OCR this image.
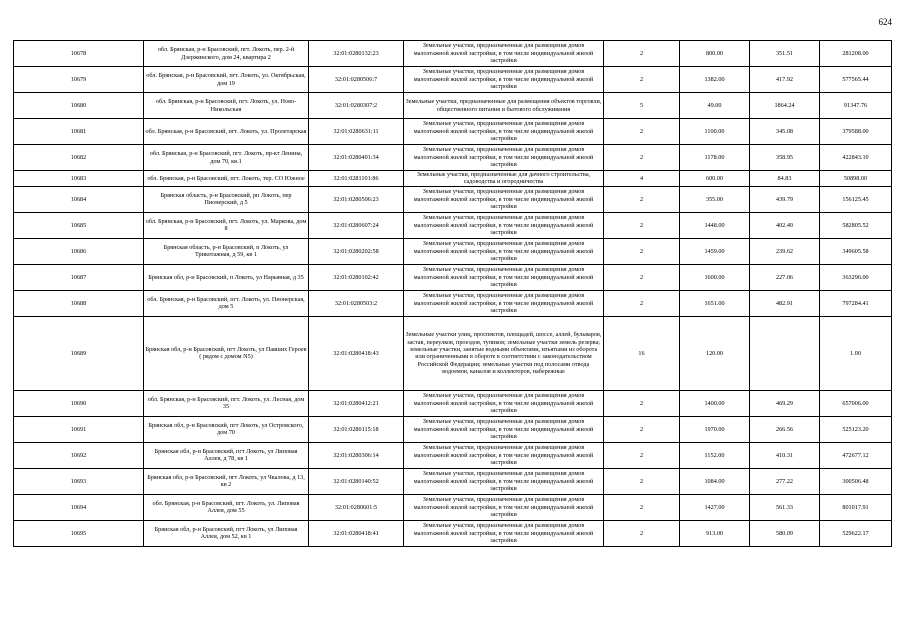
624
10678	обл. Брянская, р-н Брасовский, пгт. Локоть, пер. 2-й Дзержинского, дом 24, квартира 2	32:01:0280132:23	Земельные участки, предназначенные для размещения домов малоэтажной жилой застройки, в том числе индивидуальной жилой застройки	2	800.00	351.51	281208.00
10679	обл. Брянская, р-н Брасовский, пгт. Локоть, ул. Октябрьская, дом 19	32:01:0280506:7	Земельные участки, предназначенные для размещения домов малоэтажной жилой застройки, в том числе индивидуальной жилой застройки	2	1382.00	417.92	577565.44
10680	обл. Брянская, р-н Брасовский, пгт. Локоть, ул. Ново-Никольская	32:01:0280307:2	Земельные участки, предназначенные для размещения объектов торговли, общественного питания и бытового обслуживания	5	49.00	1864.24	91347.76
10681	обл. Брянская, р-н Брасовский, пгт. Локоть, ул. Пролетарская	32:01:0280631:11	Земельные участки, предназначенные для размещения домов малоэтажной жилой застройки, в том числе индивидуальной жилой застройки	2	1100.00	345.08	379588.00
10682	обл. Брянская, р-н Брасовский, пгт. Локоть, пр-кт Ленина, дом 70, кв.1	32:01:0280401:34	Земельные участки, предназначенные для размещения домов малоэтажной жилой застройки, в том числе индивидуальной жилой застройки	2	1178.00	358.95	422843.10
10683	обл. Брянская, р-н Брасовский, пгт. Локоть, тер. СО Южное	32:01:0281101:86	Земельные участки, предназначенные для дачного строительства, садоводства и огородничества	4	600.00	84.83	50898.00
10684	Брянская область, р-н Брасовский, рп Локоть, пер Пионерский, д 5	32:01:0280506:23	Земельные участки, предназначенные для размещения домов малоэтажной жилой застройки, в том числе индивидуальной жилой застройки	2	355.00	439.79	156125.45
10685	обл. Брянская, р-н Брасовский, пгт. Локоть, ул. Маркова, дом 8	32:01:0280607:24	Земельные участки, предназначенные для размещения домов малоэтажной жилой застройки, в том числе индивидуальной жилой застройки	2	1448.00	402.49	582805.52
10686	Брянская область, р-н Брасовский, п Локоть, ул Трикотажная, д 59, кв 1	32:01:0280202:58	Земельные участки, предназначенные для размещения домов малоэтажной жилой застройки, в том числе индивидуальной жилой застройки	2	1459.00	239.62	349605.58
10687	Брянская обл, р-н Брасовский, п Локоть, ул Нарывная, д 35	32:01:0280102:42	Земельные участки, предназначенные для размещения домов малоэтажной жилой застройки, в том числе индивидуальной жилой застройки	2	1600.00	227.06	363296.00
10688	обл. Брянская, р-н Брасовский, пгт. Локоть, ул. Пионерская, дом 5	32:01:0280503:2	Земельные участки, предназначенные для размещения домов малоэтажной жилой застройки, в том числе индивидуальной жилой застройки	2	1651.00	482.91	797284.41
10689	Брянская обл, р-н Брасовский, пгт Локоть, ул Павших Героев ( рядом с домом N5)	32:01:0280418:43	Земельные участки улиц, проспектов, площадей, шоссе, аллей, бульваров, застав, переулков, проездов, тупиков; земельные участки земель резерва; земельные участки, занятые водными объектами, изъятыми из оборота или ограниченными в обороте в соответствии с законодательством Российской Федерации; земельные участки под полосами отвода водоемов, каналов и коллекторов, набережные	16	120.00		1.00
10690	обл. Брянская, р-н Брасовский, пгт. Локоть, ул. Лесная, дом 35	32:01:0280412:21	Земельные участки, предназначенные для размещения домов малоэтажной жилой застройки, в том числе индивидуальной жилой застройки	2	1400.00	469.29	657006.00
10691	Брянская обл, р-н Брасовский, пгт Локоть, ул Островского, дом 70	32:01:0280115:18	Земельные участки, предназначенные для размещения домов малоэтажной жилой застройки, в том числе индивидуальной жилой застройки	2	1970.00	266.56	525123.20
10692	Брянская обл, р-н Брасовский, пгт Локоть, ул Липовая Аллея, д 78, кв 1	32:01:0280306:14	Земельные участки, предназначенные для размещения домов малоэтажной жилой застройки, в том числе индивидуальной жилой застройки	2	1152.00	410.31	472677.12
10693	Брянская обл, р-н Брасовский, пгт Локоть, ул Чкалова, д 13, кв 2	32:01:0280140:52	Земельные участки, предназначенные для размещения домов малоэтажной жилой застройки, в том числе индивидуальной жилой застройки	2	1084.00	277.22	300506.48
10694	обл. Брянская, р-н Брасовский, пгт. Локоть, ул. Липовая Аллея, дом 55	32:01:0280601:5	Земельные участки, предназначенные для размещения домов малоэтажной жилой застройки, в том числе индивидуальной жилой застройки	2	1427.00	561.33	801017.91
10695	Брянская обл, р-н Брасовский, пгт Локоть, ул Липовая Аллея, дом 52, кв 1	32:01:0280418:41	Земельные участки, предназначенные для размещения домов малоэтажной жилой застройки, в том числе индивидуальной жилой застройки	2	913.00	580.09	529622.17
